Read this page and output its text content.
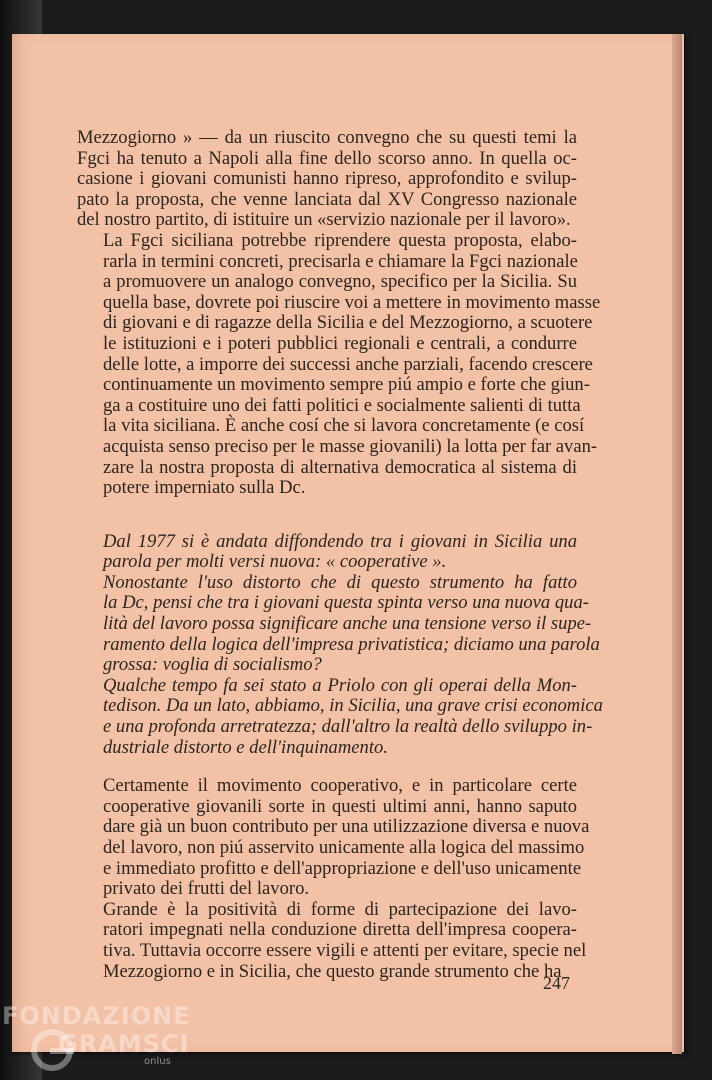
Mezzogiorno » — da un riuscito convegno che su questi temi la
Fgci ha tenuto a Napoli alla fine dello scorso anno. In quella oc-
casione i giovani comunisti hanno ripreso, approfondito e svilup-
pato la proposta, che venne lanciata dal XV Congresso nazionale
del nostro partito, di istituire un «servizio nazionale per il lavoro».

La Fgci siciliana potrebbe riprendere questa proposta, elabo-
rarla in termini concreti, precisarla e chiamare la Fgci nazionale
a promuovere un analogo convegno, specifico per la Sicilia. Su
quella base, dovrete poi riuscire voi a mettere in movimento masse
di giovani e di ragazze della Sicilia e del Mezzogiorno, a scuotere
le istituzioni e i poteri pubblici regionali e centrali, a condurre
delle lotte, a imporre dei successi anche parziali, facendo crescere
continuamente un movimento sempre piú ampio e forte che giun-
ga a costituire uno dei fatti politici e socialmente salienti di tutta
la vita siciliana. È anche cosí che si lavora concretamente (e cosí
acquista senso preciso per le masse giovanili) la lotta per far avan-
zare la nostra proposta di alternativa democratica al sistema di
potere imperniato sulla Dc.

Dal 1977 si è andata diffondendo tra i giovani in Sicilia una
parola per molti versi nuova: « cooperative ».

Nonostante l'uso distorto che di questo strumento ha fatto
la Dc, pensi che tra i giovani questa spinta verso una nuova qua-
lità del lavoro possa significare anche una tensione verso il supe-
ramento della logica dell'impresa privatistica; diciamo una parola
grossa: voglia di socialismo?

Qualche tempo fa sei stato a Priolo con gli operai della Mon-
tedison. Da un lato, abbiamo, in Sicilia, una grave crisi economica
e una profonda arretratezza; dall'altro la realtà dello sviluppo in-
dustriale distorto e dell'inquinamento.

Certamente il movimento cooperativo, e in particolare certe
cooperative giovanili sorte in questi ultimi anni, hanno saputo
dare già un buon contributo per una utilizzazione diversa e nuova
del lavoro, non piú asservito unicamente alla logica del massimo
e immediato profitto e dell'appropriazione e dell'uso unicamente
privato dei frutti del lavoro.

Grande è la positività di forme di partecipazione dei lavo-
ratori impegnati nella conduzione diretta dell'impresa coopera-
tiva. Tuttavia occorre essere vigili e attenti per evitare, specie nel
Mezzogiorno e in Sicilia, che questo grande strumento che ha

247
FONDAZIONE
GRAMSCI
onlus
